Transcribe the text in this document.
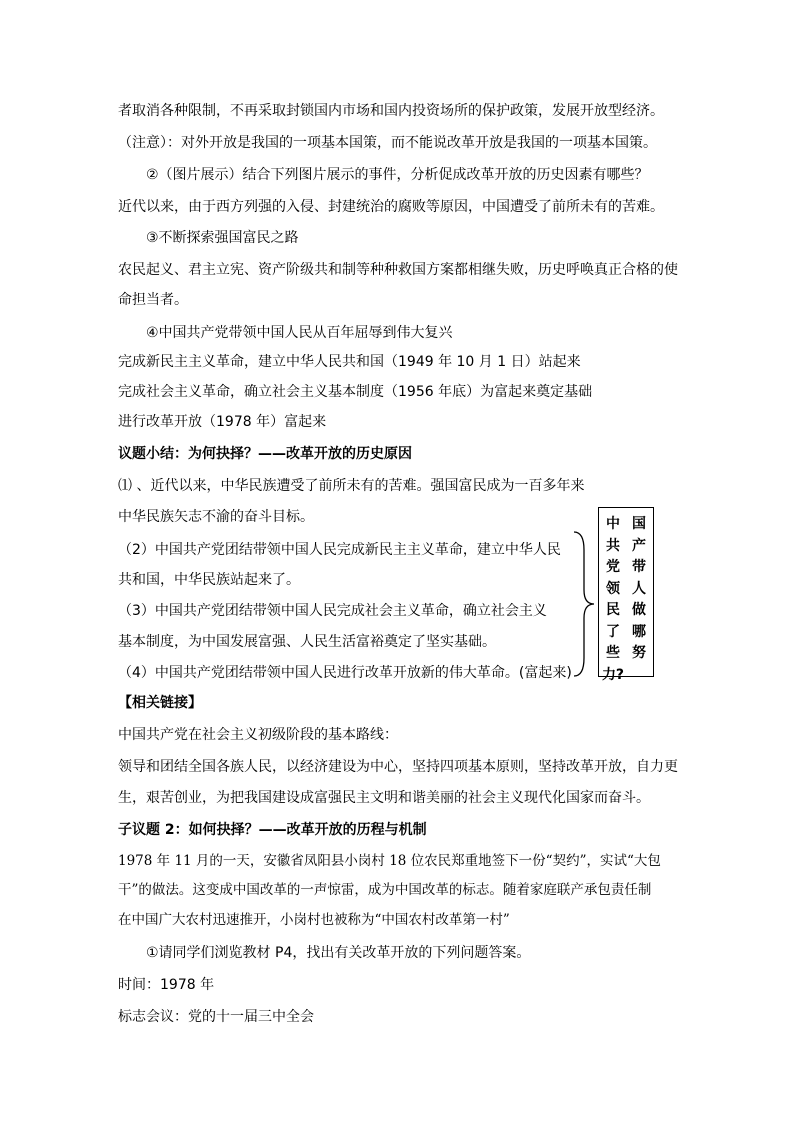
者取消各种限制，不再采取封锁国内市场和国内投资场所的保护政策，发展开放型经济。
（注意）：对外开放是我国的一项基本国策，而不能说改革开放是我国的一项基本国策。
②（图片展示）结合下列图片展示的事件，分析促成改革开放的历史因素有哪些？
近代以来，由于西方列强的入侵、封建统治的腐败等原因，中国遭受了前所未有的苦难。
③不断探索强国富民之路
农民起义、君主立宪、资产阶级共和制等种种救国方案都相继失败，历史呼唤真正合格的使
命担当者。
④中国共产党带领中国人民从百年屈辱到伟大复兴
完成新民主主义革命，建立中华人民共和国（1949 年 10 月 1 日）站起来
完成社会主义革命，确立社会主义基本制度（1956 年底）为富起来奠定基础
进行改革开放（1978 年）富起来
议题小结：为何抉择？——改革开放的历史原因
⑴ 、近代以来，中华民族遭受了前所未有的苦难。强国富民成为一百多年来
中华民族矢志不渝的奋斗目标。
（2）中国共产党团结带领中国人民完成新民主主义革命，建立中华人民
共和国，中华民族站起来了。
（3）中国共产党团结带领中国人民完成社会主义革命，确立社会主义
基本制度，为中国发展富强、人民生活富裕奠定了坚实基础。
（4）中国共产党团结带领中国人民进行改革开放新的伟大革命。(富起来)
【相关链接】
中国共产党在社会主义初级阶段的基本路线：
领导和团结全国各族人民，以经济建设为中心，坚持四项基本原则，坚持改革开放，自力更
生，艰苦创业，为把我国建设成富强民主文明和谐美丽的社会主义现代化国家而奋斗。
子议题 2：如何抉择？——改革开放的历程与机制
1978 年 11 月的一天，安徽省凤阳县小岗村 18 位农民郑重地签下一份“契约”，实试“大包
干”的做法。这变成中国改革的一声惊雷，成为中国改革的标志。随着家庭联产承包责任制
在中国广大农村迅速推开，小岗村也被称为“中国农村改革第一村”
①请同学们浏览教材 P4，找出有关改革开放的下列问题答案。
时间：1978 年
标志会议：党的十一届三中全会
中
共
党
领
民
了
些
力?
国
产
带
人
做
哪
努
